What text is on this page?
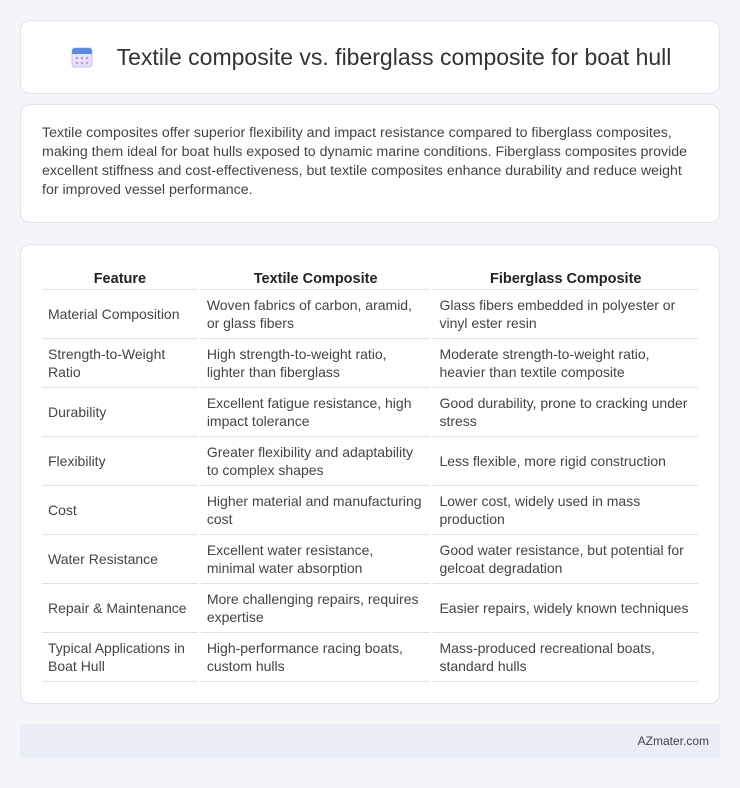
Textile composite vs. fiberglass composite for boat hull

Textile composites offer superior flexibility and impact resistance compared to fiberglass composites, making them ideal for boat hulls exposed to dynamic marine conditions. Fiberglass composites provide excellent stiffness and cost-effectiveness, but textile composites enhance durability and reduce weight for improved vessel performance.

Feature	Textile Composite	Fiberglass Composite
Material Composition	Woven fabrics of carbon, aramid, or glass fibers	Glass fibers embedded in polyester or vinyl ester resin
Strength-to-Weight Ratio	High strength-to-weight ratio, lighter than fiberglass	Moderate strength-to-weight ratio, heavier than textile composite
Durability	Excellent fatigue resistance, high impact tolerance	Good durability, prone to cracking under stress
Flexibility	Greater flexibility and adaptability to complex shapes	Less flexible, more rigid construction
Cost	Higher material and manufacturing cost	Lower cost, widely used in mass production
Water Resistance	Excellent water resistance, minimal water absorption	Good water resistance, but potential for gelcoat degradation
Repair & Maintenance	More challenging repairs, requires expertise	Easier repairs, widely known techniques
Typical Applications in Boat Hull	High-performance racing boats, custom hulls	Mass-produced recreational boats, standard hulls
AZmater.com
